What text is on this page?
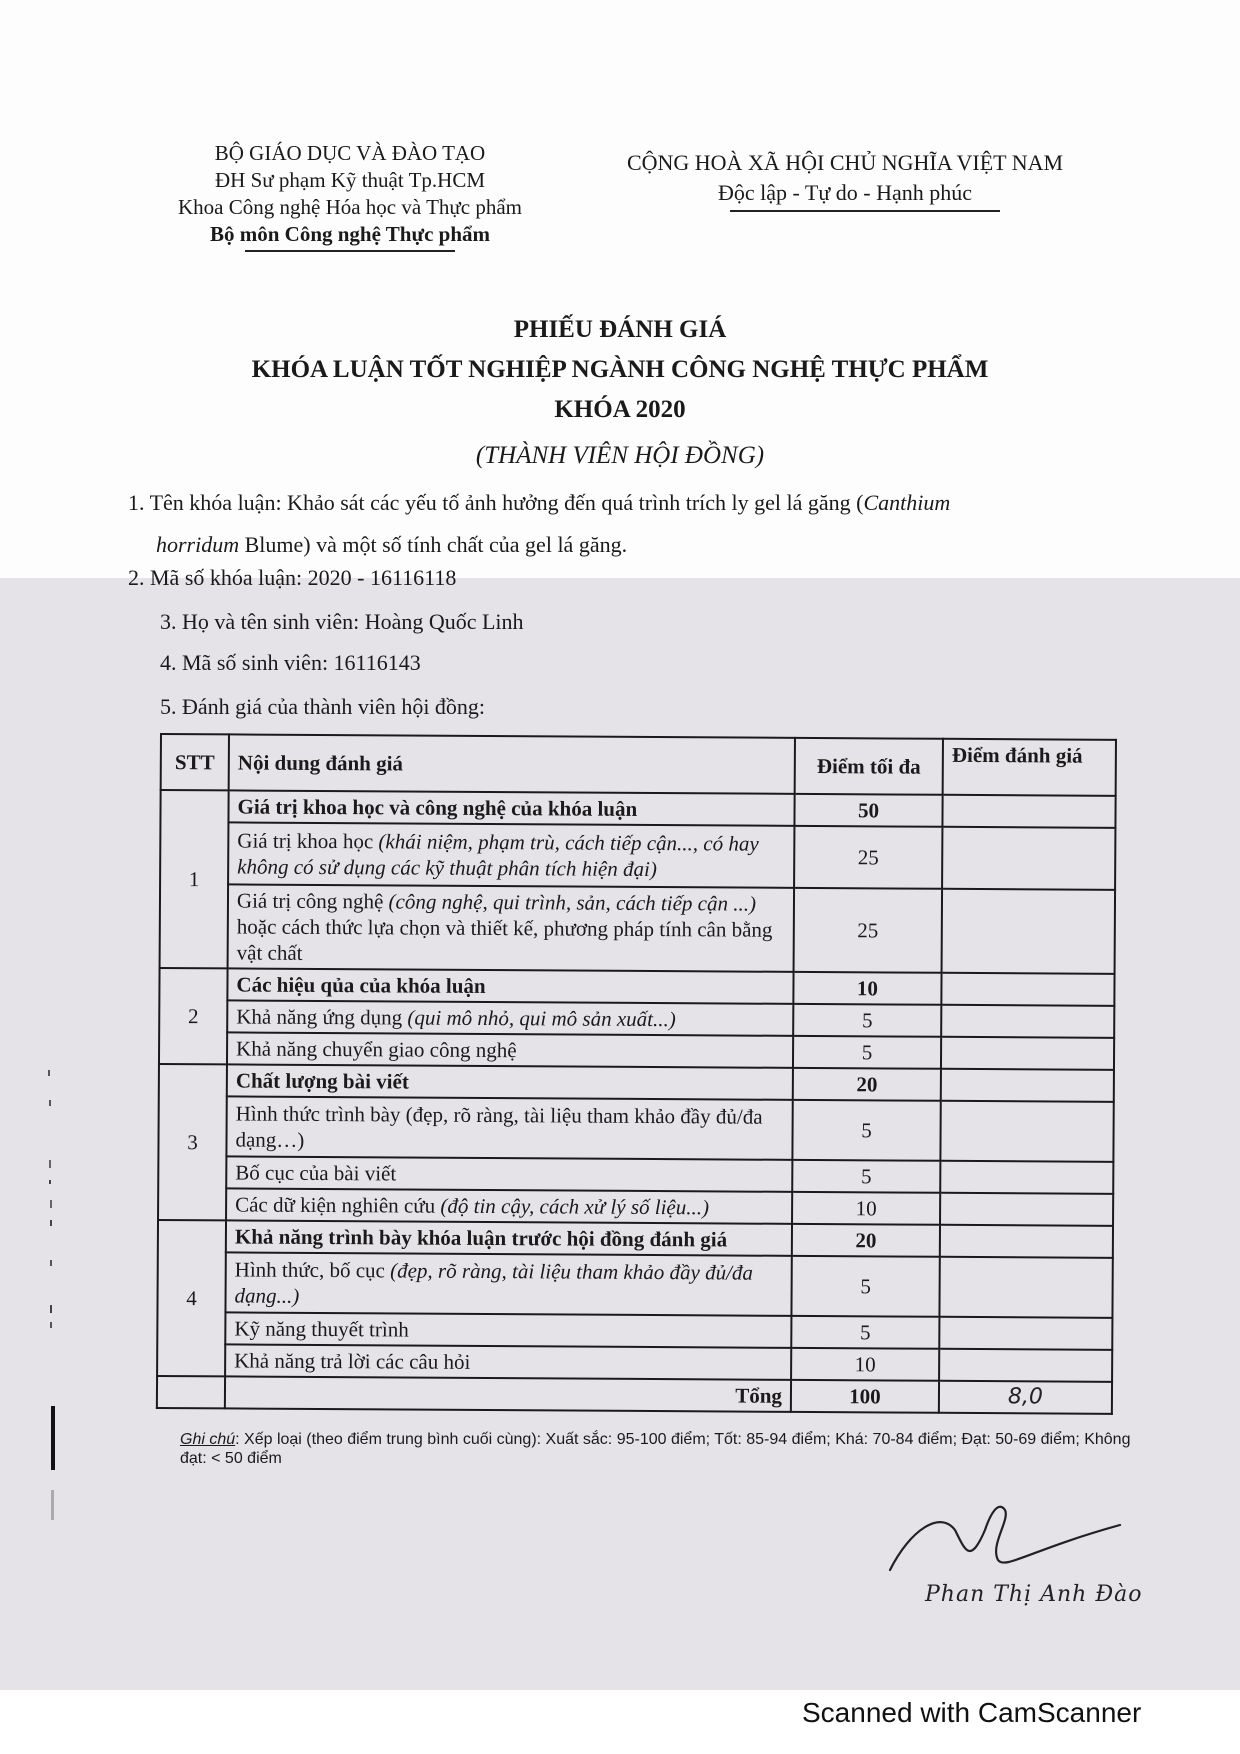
BỘ GIÁO DỤC VÀ ĐÀO TẠO
ĐH Sư phạm Kỹ thuật Tp.HCM
Khoa Công nghệ Hóa học và Thực phẩm
Bộ môn Công nghệ Thực phẩm
CỘNG HOÀ XÃ HỘI CHỦ NGHĨA VIỆT NAM
Độc lập - Tự do - Hạnh phúc
PHIẾU ĐÁNH GIÁ
KHÓA LUẬN TỐT NGHIỆP NGÀNH CÔNG NGHỆ THỰC PHẨM
KHÓA 2020
(THÀNH VIÊN HỘI ĐỒNG)
1. Tên khóa luận: Khảo sát các yếu tố ảnh hưởng đến quá trình trích ly gel lá găng (Canthium
horridum Blume) và một số tính chất của gel lá găng.
2. Mã số khóa luận: 2020 - 16116118
3. Họ và tên sinh viên: Hoàng Quốc Linh
4. Mã số sinh viên: 16116143
5. Đánh giá của thành viên hội đồng:
STT	Nội dung đánh giá	Điểm tối đa	Điểm đánh giá
1	Giá trị khoa học và công nghệ của khóa luận	50	
	Giá trị khoa học (khái niệm, phạm trù, cách tiếp cận..., có hay không có sử dụng các kỹ thuật phân tích hiện đại)	25	
	Giá trị công nghệ (công nghệ, qui trình, sản, cách tiếp cận ...) hoặc cách thức lựa chọn và thiết kế, phương pháp tính cân bằng vật chất	25	
2	Các hiệu qủa của khóa luận	10	
	Khả năng ứng dụng (qui mô nhỏ, qui mô sản xuất...)	5	
	Khả năng chuyển giao công nghệ	5	
3	Chất lượng bài viết	20	
	Hình thức trình bày (đẹp, rõ ràng, tài liệu tham khảo đầy đủ/đa dạng…)	5	
	Bố cục của bài viết	5	
	Các dữ kiện nghiên cứu (độ tin cậy, cách xử lý số liệu...)	10	
4	Khả năng trình bày khóa luận trước hội đồng đánh giá	20	
	Hình thức, bố cục (đẹp, rõ ràng, tài liệu tham khảo đầy đủ/đa dạng...)	5	
	Kỹ năng thuyết trình	5	
	Khả năng trả lời các câu hỏi	10	
	Tổng	100	8,0
Ghi chú: Xếp loại (theo điểm trung bình cuối cùng): Xuất sắc: 95-100 điểm; Tốt: 85-94 điểm; Khá: 70-84 điểm; Đạt: 50-69 điểm; Không đạt: < 50 điểm
Phan Thị Anh Đào
Scanned with CamScanner
